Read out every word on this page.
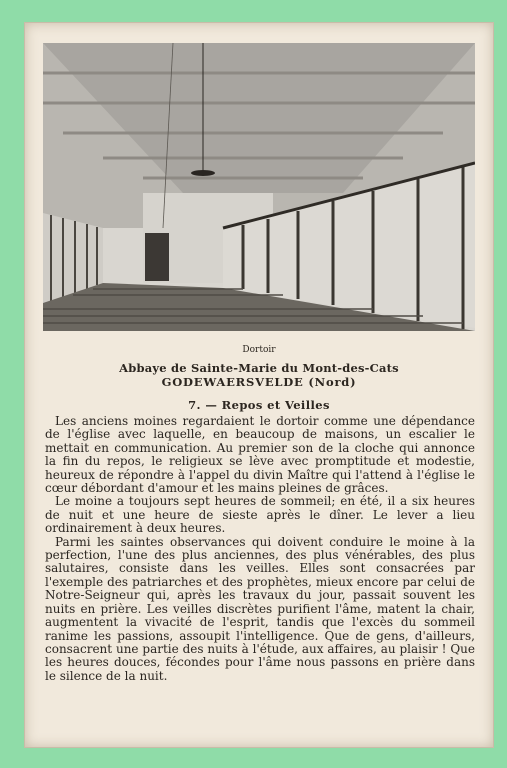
Dortoir
Abbaye de Sainte-Marie du Mont-des-Cats
GODEWAERSVELDE (Nord)
7. — Repos et Veilles

Les anciens moines regardaient le dortoir comme une dépendance de l'église avec laquelle, en beaucoup de maisons, un escalier le mettait en communication. Au premier son de la cloche qui annonce la fin du repos, le religieux se lève avec promptitude et modestie, heureux de répondre à l'appel du divin Maître qui l'attend à l'église le cœur débordant d'amour et les mains pleines de grâces.

Le moine a toujours sept heures de sommeil; en été, il a six heures de nuit et une heure de sieste après le dîner. Le lever a lieu ordinairement à deux heures.

Parmi les saintes observances qui doivent conduire le moine à la perfection, l'une des plus anciennes, des plus vénérables, des plus salutaires, consiste dans les veilles. Elles sont consacrées par l'exemple des patriarches et des prophètes, mieux encore par celui de Notre-Seigneur qui, après les travaux du jour, passait souvent les nuits en prière. Les veilles discrètes purifient l'âme, matent la chair, augmentent la vivacité de l'esprit, tandis que l'excès du sommeil ranime les passions, assoupit l'intelligence. Que de gens, d'ailleurs, consacrent une partie des nuits à l'étude, aux affaires, au plaisir ! Que les heures douces, fécondes pour l'âme nous passons en prière dans le silence de la nuit.
